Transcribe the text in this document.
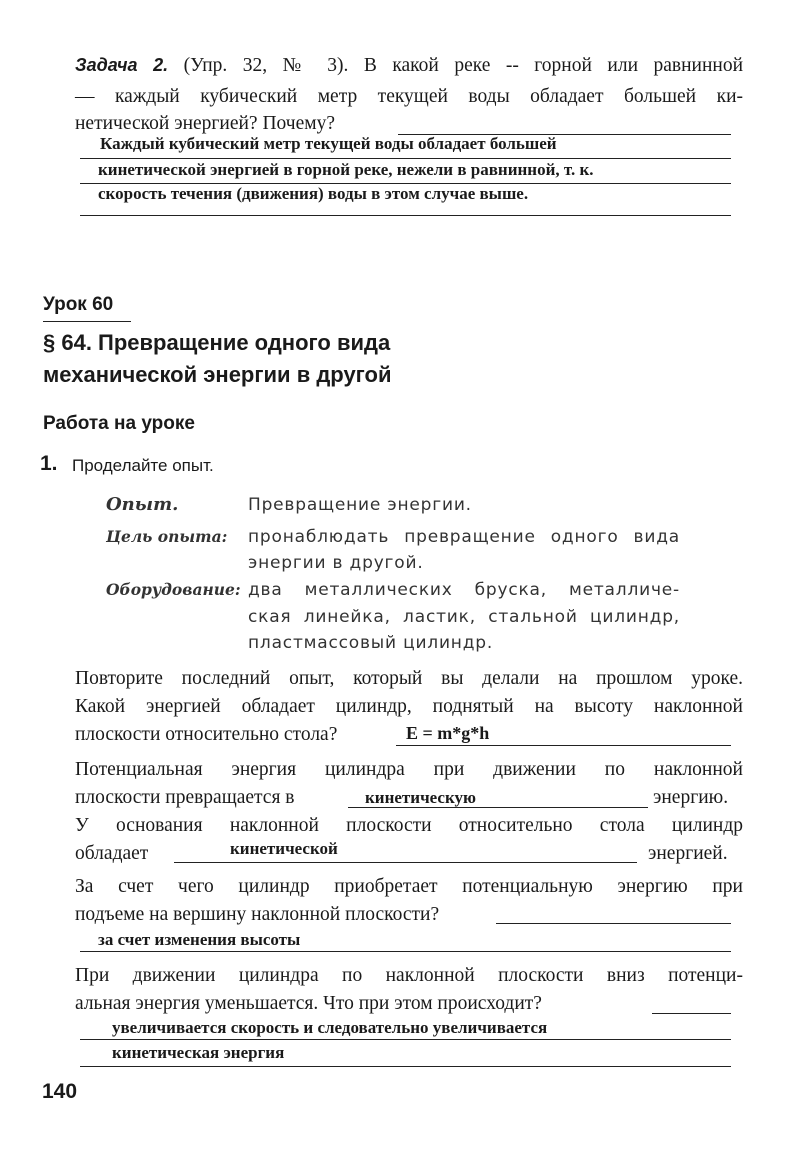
Задача 2. (Упр. 32, № 3). В какой реке -- горной или равнинной
— каждый кубический метр текущей воды обладает большей ки-
нетической энергией? Почему?
Каждый кубический метр текущей воды обладает большей
кинетической энергией в горной реке, нежели в равнинной, т. к.
скорость течения (движения) воды в этом случае выше.
Урок 60
§ 64. Превращение одного вида
механической энергии в другой
Работа на уроке
1. Проделайте опыт.
Опыт.	Превращение энергии.
Цель опыта: пронаблюдать превращение одного вида
энергии в другой.
Оборудование: два металлических бруска, металличе-
ская линейка, ластик, стальной цилиндр,
пластмассовый цилиндр.
Повторите последний опыт, который вы делали на прошлом уроке.
Какой энергией обладает цилиндр, поднятый на высоту наклонной
плоскости относительно стола?	E = m*g*h
Потенциальная энергия цилиндра при движении по наклонной
плоскости превращается в	кинетическую	энергию.
У основания наклонной плоскости относительно стола цилиндр
обладает	кинетической	энергией.
За счет чего цилиндр приобретает потенциальную энергию при
подъеме на вершину наклонной плоскости?
за счет изменения высоты
При движении цилиндра по наклонной плоскости вниз потенци-
альная энергия уменьшается. Что при этом происходит?
увеличивается скорость и следовательно увеличивается
кинетическая энергия
140
